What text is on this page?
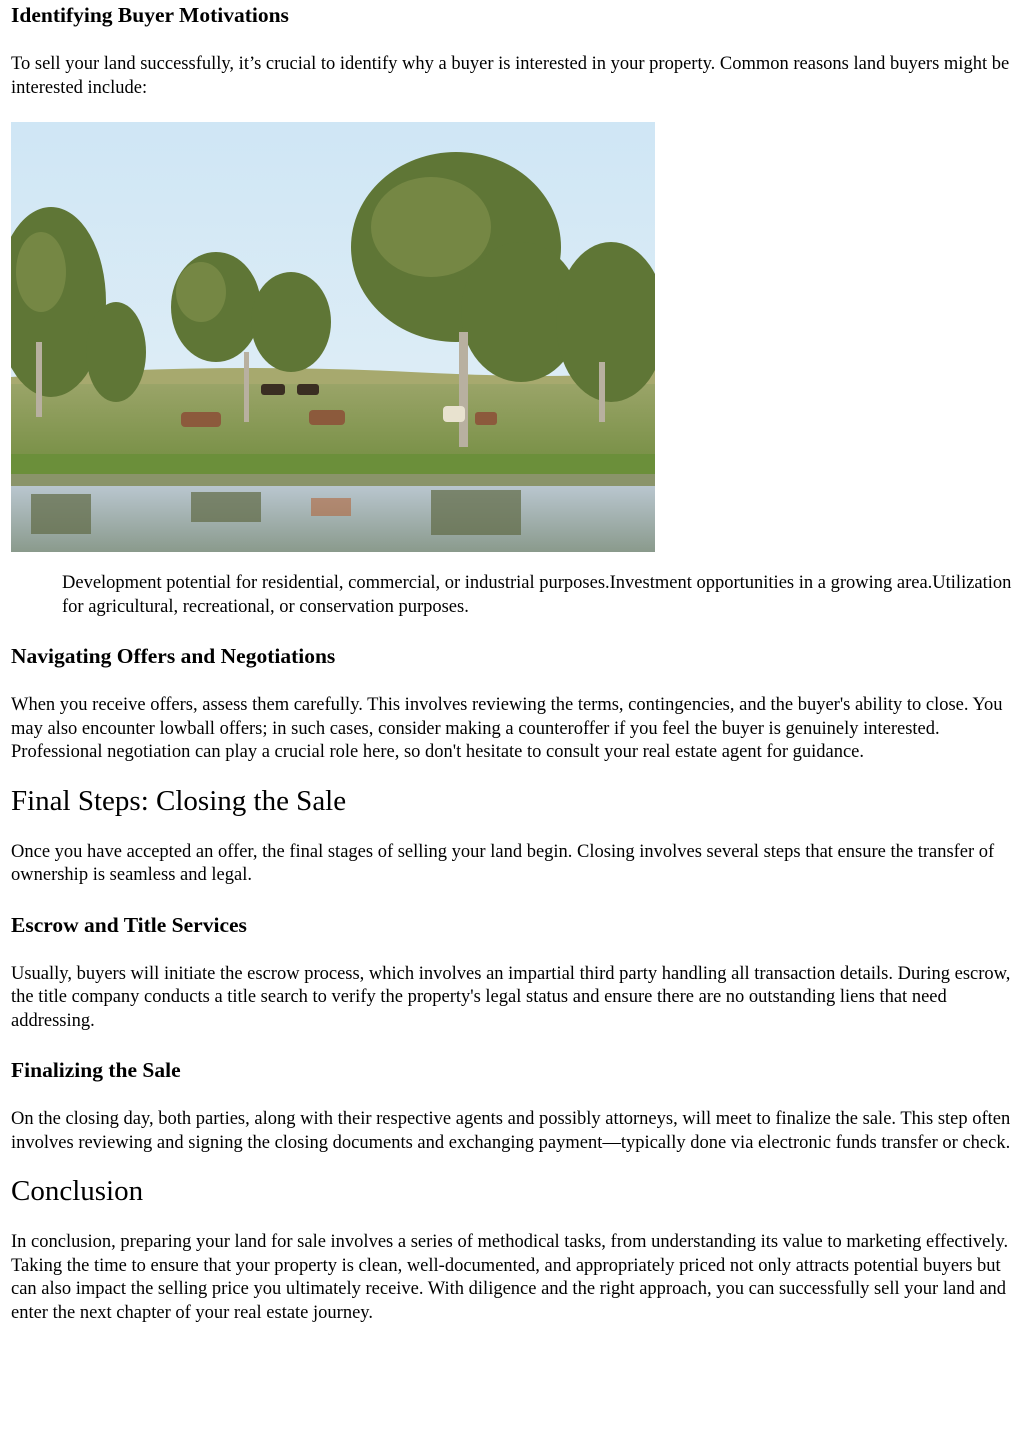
Identifying Buyer Motivations

To sell your land successfully, it’s crucial to identify why a buyer is interested in your property. Common reasons land buyers might be interested include:

Development potential for residential, commercial, or industrial purposes.Investment opportunities in a growing area.Utilization for agricultural, recreational, or conservation purposes.
Navigating Offers and Negotiations

When you receive offers, assess them carefully. This involves reviewing the terms, contingencies, and the buyer's ability to close. You may also encounter lowball offers; in such cases, consider making a counteroffer if you feel the buyer is genuinely interested. Professional negotiation can play a crucial role here, so don't hesitate to consult your real estate agent for guidance.

Final Steps: Closing the Sale

Once you have accepted an offer, the final stages of selling your land begin. Closing involves several steps that ensure the transfer of ownership is seamless and legal.

Escrow and Title Services

Usually, buyers will initiate the escrow process, which involves an impartial third party handling all transaction details. During escrow, the title company conducts a title search to verify the property's legal status and ensure there are no outstanding liens that need addressing.

Finalizing the Sale

On the closing day, both parties, along with their respective agents and possibly attorneys, will meet to finalize the sale. This step often involves reviewing and signing the closing documents and exchanging payment—typically done via electronic funds transfer or check.

Conclusion

In conclusion, preparing your land for sale involves a series of methodical tasks, from understanding its value to marketing effectively. Taking the time to ensure that your property is clean, well-documented, and appropriately priced not only attracts potential buyers but can also impact the selling price you ultimately receive. With diligence and the right approach, you can successfully sell your land and enter the next chapter of your real estate journey.
